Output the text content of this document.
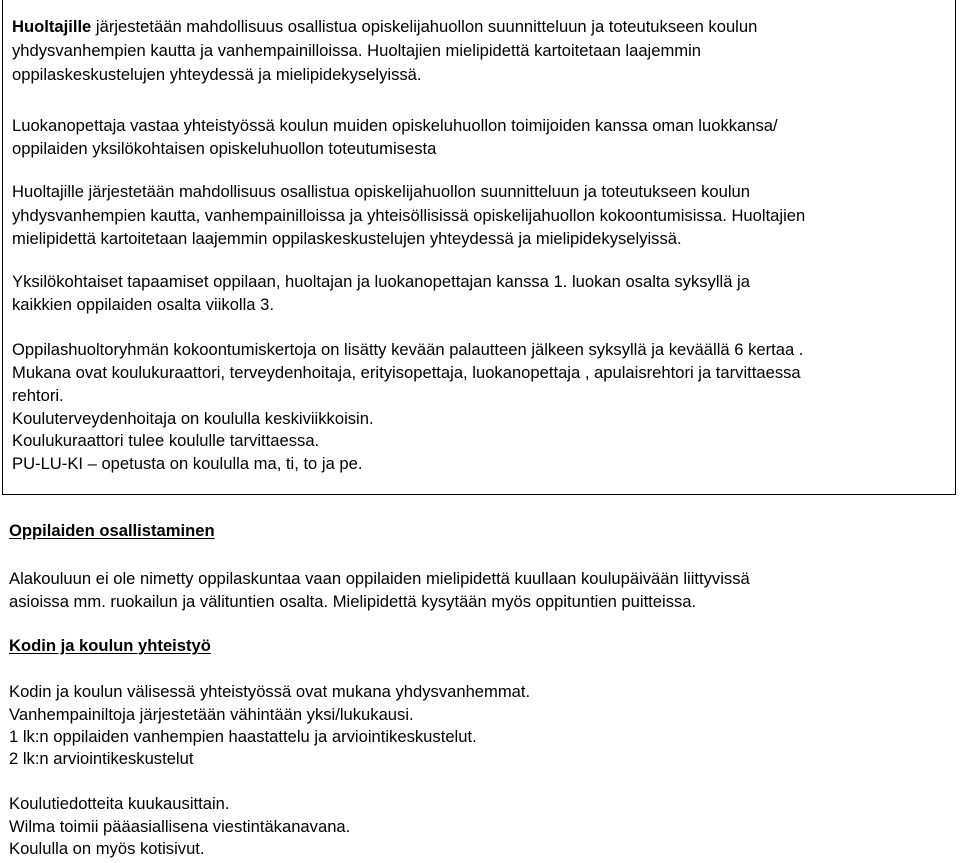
Huoltajille järjestetään mahdollisuus osallistua opiskelijahuollon suunnitteluun ja toteutukseen koulun
yhdysvanhempien kautta ja vanhempainilloissa. Huoltajien mielipidettä kartoitetaan laajemmin
oppilaskeskustelujen yhteydessä ja mielipidekyselyissä.
Luokanopettaja vastaa yhteistyössä koulun muiden opiskeluhuollon toimijoiden kanssa oman luokkansa/
oppilaiden yksilökohtaisen opiskeluhuollon toteutumisesta
Huoltajille järjestetään mahdollisuus osallistua opiskelijahuollon suunnitteluun ja toteutukseen koulun
yhdysvanhempien kautta, vanhempainilloissa ja yhteisöllisissä opiskelijahuollon kokoontumisissa. Huoltajien
mielipidettä kartoitetaan laajemmin oppilaskeskustelujen yhteydessä ja mielipidekyselyissä.
Yksilökohtaiset tapaamiset oppilaan, huoltajan ja luokanopettajan kanssa 1. luokan osalta syksyllä ja
kaikkien oppilaiden osalta viikolla 3.
Oppilashuoltoryhmän kokoontumiskertoja on lisätty kevään palautteen jälkeen syksyllä ja keväällä 6 kertaa .
Mukana ovat koulukuraattori, terveydenhoitaja, erityisopettaja, luokanopettaja , apulaisrehtori ja tarvittaessa
rehtori.
Kouluterveydenhoitaja on koululla keskiviikkoisin.
Koulukuraattori tulee koululle tarvittaessa.
PU-LU-KI – opetusta on koululla ma, ti, to ja pe.
Oppilaiden osallistaminen
Alakouluun ei ole nimetty oppilaskuntaa vaan oppilaiden mielipidettä kuullaan koulupäivään liittyvissä
asioissa mm. ruokailun ja välituntien osalta. Mielipidettä kysytään myös oppituntien puitteissa.
Kodin ja koulun yhteistyö
Kodin ja koulun välisessä yhteistyössä ovat mukana yhdysvanhemmat.
Vanhempainiltoja järjestetään vähintään yksi/lukukausi.
1 lk:n oppilaiden vanhempien haastattelu ja arviointikeskustelut.
2 lk:n arviointikeskustelut
Koulutiedotteita kuukausittain.
Wilma toimii pääasiallisena viestintäkanavana.
Koululla on myös kotisivut.
